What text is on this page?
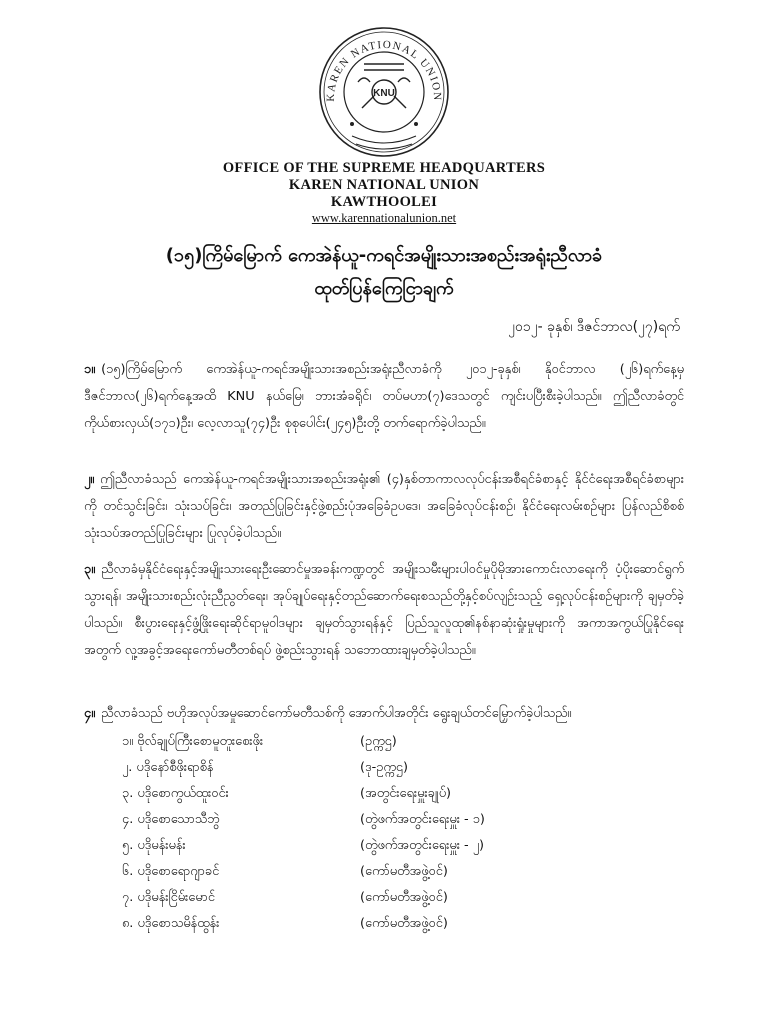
KAREN NATIONAL UNION
KNU
OFFICE OF THE SUPREME HEADQUARTERS
KAREN NATIONAL UNION
KAWTHOOLEI
www.karennationalunion.net
(၁၅)ကြိမ်မြောက် ကေအဲန်ယူ-ကရင်အမျိုးသားအစည်းအရုံးညီလာခံ
ထုတ်ပြန်ကြေငြာချက်
၂၀၁၂- ခုနှစ်၊ ဒီဇင်ဘာလ(၂၇)ရက်
၁။ (၁၅)ကြိမ်မြောက် ကေအဲန်ယူ-ကရင်အမျိုးသားအစည်းအရုံးညီလာခံကို ၂၀၁၂-ခုနှစ်၊ နိုဝင်ဘာလ (၂၆)ရက်နေ့မှ ဒီဇင်ဘာလ(၂၆)ရက်နေ့အထိ KNU နယ်မြေ၊ ဘားအံခရိုင်၊ တပ်မဟာ(၇)ဒေသတွင် ကျင်းပပြီးစီးခဲ့ပါသည်။ ဤညီလာခံတွင် ကိုယ်စားလှယ်(၁၇၁)ဦး၊ လေ့လာသူ(၇၄)ဦး စုစုပေါင်း(၂၄၅)ဦးတို့ တက်ရောက်ခဲ့ပါသည်။
၂။ ဤညီလာခံသည် ကေအဲန်ယူ-ကရင်အမျိုးသားအစည်းအရုံး၏ (၄)နှစ်တာကာလလုပ်ငန်းအစီရင်ခံစာနှင့် နိုင်ငံရေးအစီရင်ခံစာများကို တင်သွင်းခြင်း၊ သုံးသပ်ခြင်း၊ အတည်ပြုခြင်းနှင့်ဖွဲ့စည်းပုံအခြေခံဥပဒေ၊ အခြေခံလုပ်ငန်းစဉ်၊ နိုင်ငံရေးလမ်းစဉ်များ ပြန်လည်စိစစ်သုံးသပ်အတည်ပြုခြင်းများ ပြုလုပ်ခဲ့ပါသည်။
၃။ ညီလာခံမှနိုင်ငံရေးနှင့်အမျိုးသားရေးဦးဆောင်မှုအခန်းကဏ္ဍတွင် အမျိုးသမီးများပါဝင်မှုပိုမိုအားကောင်းလာရေးကို ပံ့ပိုးဆောင်ရွက်သွားရန်၊ အမျိုးသားစည်းလုံးညီညွတ်ရေး၊ အုပ်ချုပ်ရေးနှင့်တည်ဆောက်ရေးစသည်တို့နှင့်စပ်လျဉ်းသည့် ရှေ့လုပ်ငန်းစဉ်များကို ချမှတ်ခဲ့ပါသည်။ စီးပွားရေးနှင့်ဖွံ့ဖြိုးရေးဆိုင်ရာမူဝါဒများ ချမှတ်သွားရန်နှင့် ပြည်သူလူထု၏နစ်နာဆုံးရှုံးမှုများကို အကာအကွယ်ပြုနိုင်ရေးအတွက် လူ့အခွင့်အရေးကော်မတီတစ်ရပ် ဖွဲ့စည်းသွားရန် သဘောထားချမှတ်ခဲ့ပါသည်။
၄။ ညီလာခံသည် ဗဟိုအလုပ်အမှုဆောင်ကော်မတီသစ်ကို အောက်ပါအတိုင်း ရွေးချယ်တင်မြှောက်ခဲ့ပါသည်။
၁။ ဗိုလ်ချုပ်ကြီးစောမူတူးစေးဖိုး	(ဥက္ကဌ)
၂. ပဒိုနော်စီဖိုးရာစိန်	(ဒု-ဥက္ကဌ)
၃. ပဒိုစောကွယ်ထူးဝင်း	(အတွင်းရေးမှူးချုပ်)
၄. ပဒိုစောသောသီဘွဲ	(တွဲဖက်အတွင်းရေးမှူး - ၁)
၅. ပဒိုမန်းမန်း	(တွဲဖက်အတွင်းရေးမှူး - ၂)
၆. ပဒိုစောရောဂျာခင်	(ကော်မတီအဖွဲ့ဝင်)
၇. ပဒိုမန်းငြိမ်းမောင်	(ကော်မတီအဖွဲ့ဝင်)
၈. ပဒိုစောသမိန်ထွန်း	(ကော်မတီအဖွဲ့ဝင်)
